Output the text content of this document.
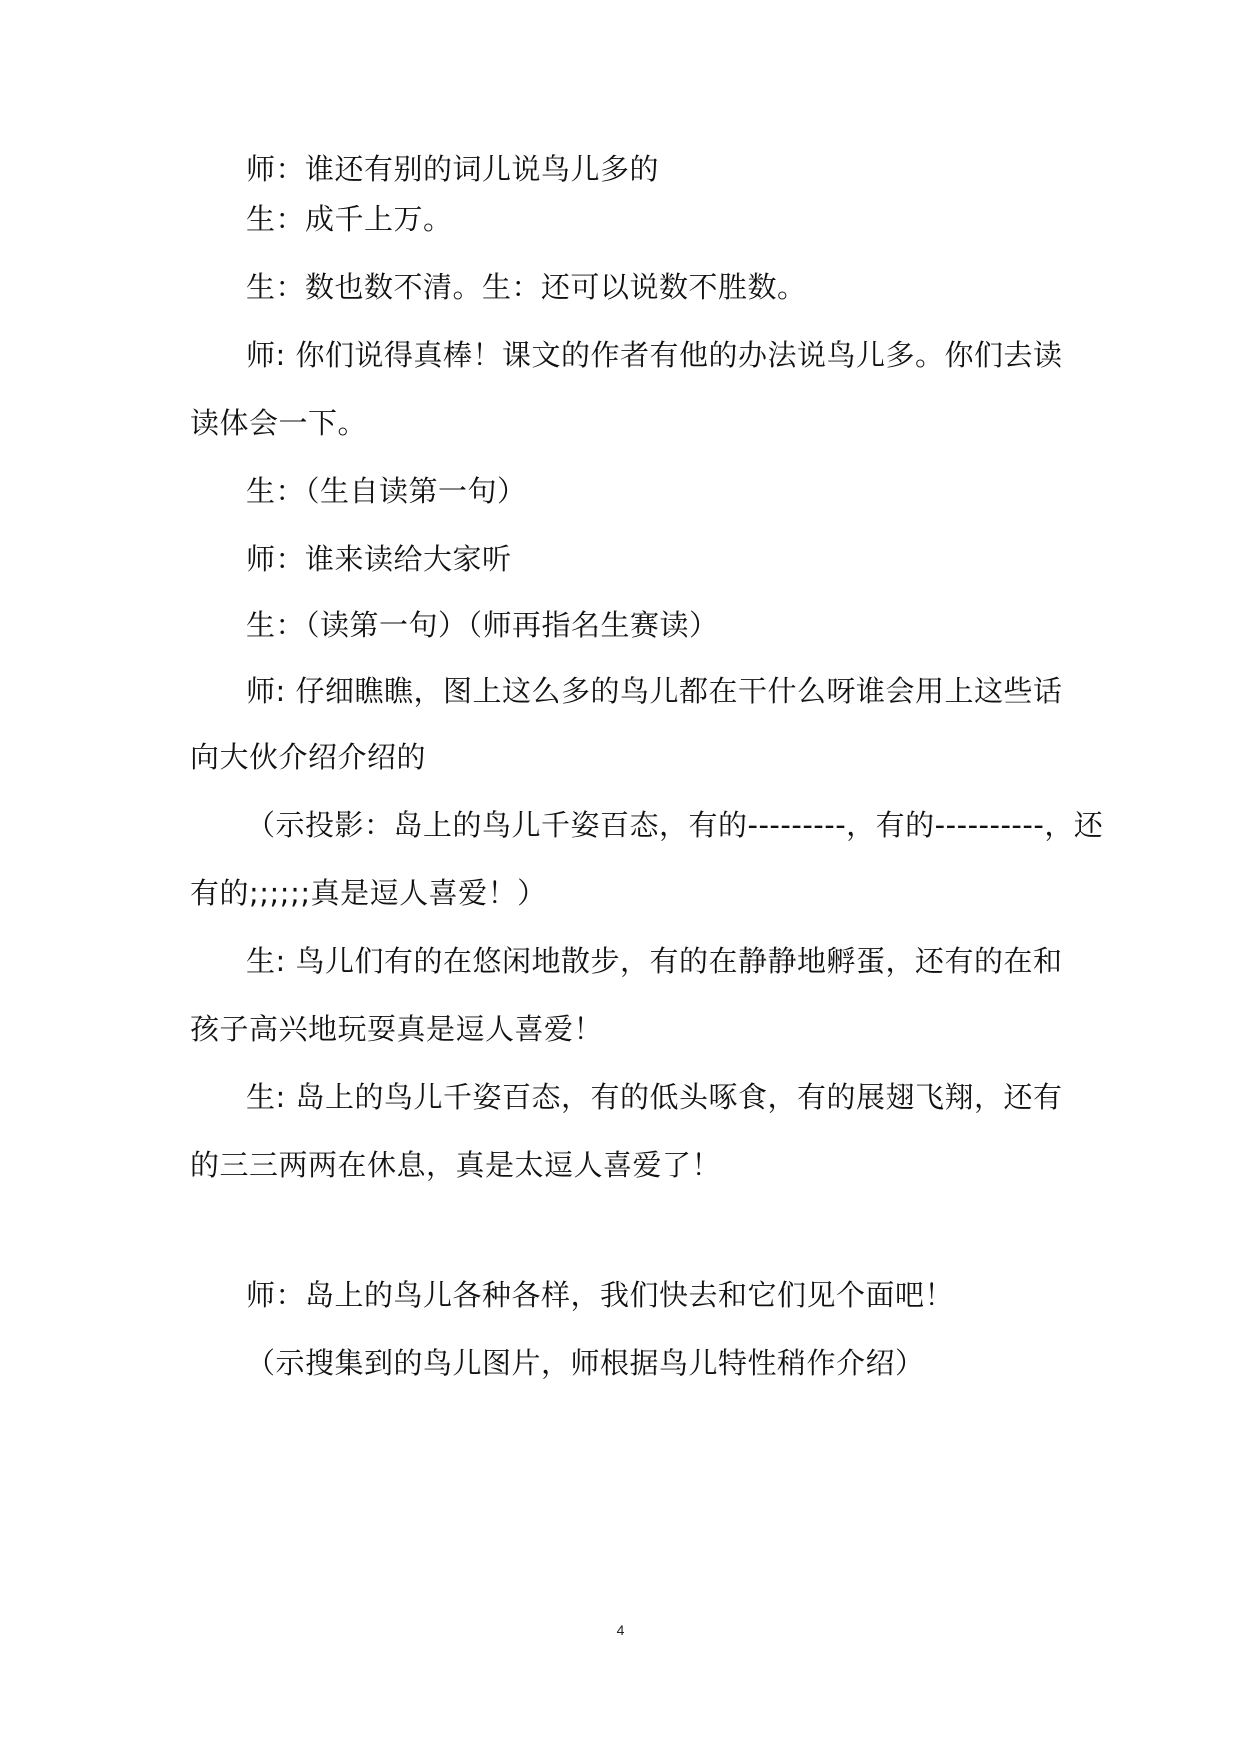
师：谁还有别的词儿说鸟儿多的
生：成千上万。
生：数也数不清。生：还可以说数不胜数。
师: 你们说得真棒！课文的作者有他的办法说鸟儿多。你们去读
读体会一下。
生：（生自读第一句）
师：谁来读给大家听
生：（读第一句）（师再指名生赛读）
师: 仔细瞧瞧，图上这么多的鸟儿都在干什么呀谁会用上这些话
向大伙介绍介绍的
（示投影：岛上的鸟儿千姿百态，有的---------，有的----------，还
有的;;;;;;真是逗人喜爱！）
生: 鸟儿们有的在悠闲地散步，有的在静静地孵蛋，还有的在和
孩子高兴地玩耍真是逗人喜爱！
生: 岛上的鸟儿千姿百态，有的低头啄食，有的展翅飞翔，还有
的三三两两在休息，真是太逗人喜爱了！
师：岛上的鸟儿各种各样，我们快去和它们见个面吧！
（示搜集到的鸟儿图片，师根据鸟儿特性稍作介绍）
4
